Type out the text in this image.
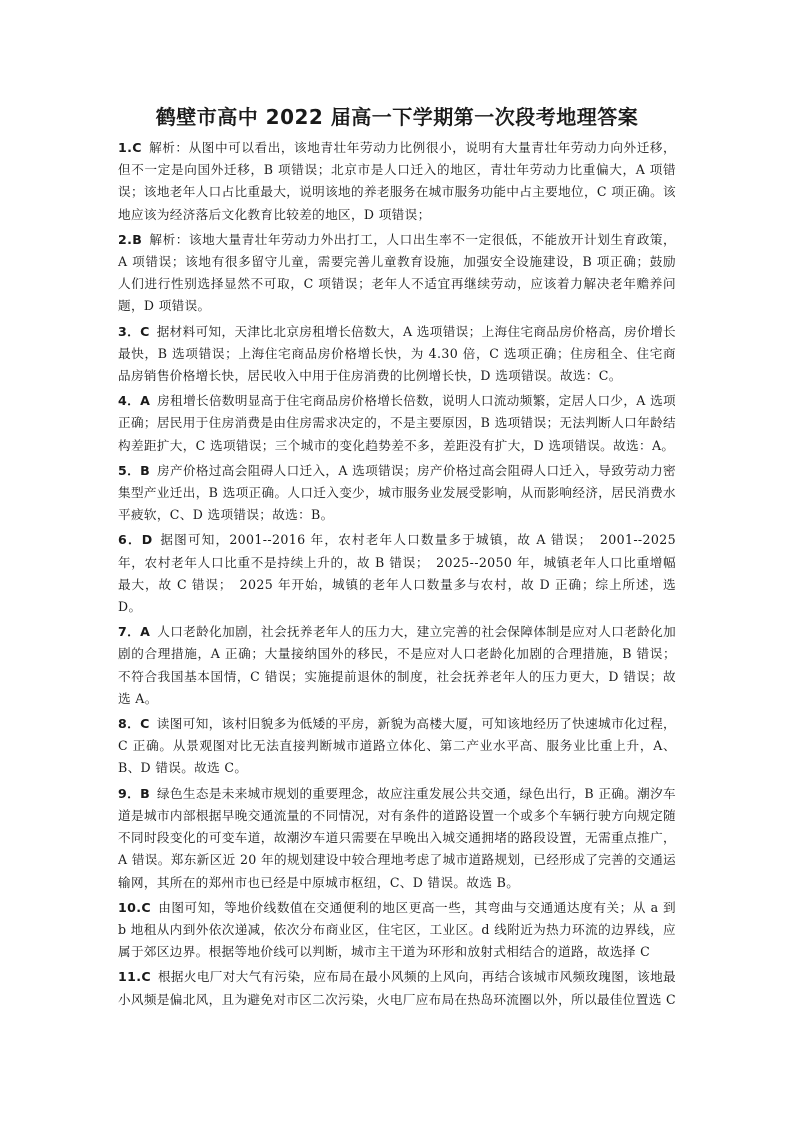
鹤壁市高中 2022 届高一下学期第一次段考地理答案

1.C 解析：从图中可以看出，该地青壮年劳动力比例很小，说明有大量青壮年劳动力向外迁移，但不一定是向国外迁移，B 项错误；北京市是人口迁入的地区，青壮年劳动力比重偏大，A 项错误；该地老年人口占比重最大，说明该地的养老服务在城市服务功能中占主要地位，C 项正确。该地应该为经济落后文化教育比较差的地区，D 项错误；

2.B 解析：该地大量青壮年劳动力外出打工，人口出生率不一定很低，不能放开计划生育政策，A 项错误；该地有很多留守儿童，需要完善儿童教育设施，加强安全设施建设，B 项正确；鼓励人们进行性别选择显然不可取，C 项错误；老年人不适宜再继续劳动，应该着力解决老年赡养问题，D 项错误。

3．C 据材料可知，天津比北京房租增长倍数大，A 选项错误；上海住宅商品房价格高，房价增长最快，B 选项错误；上海住宅商品房价格增长快，为 4.30 倍，C 选项正确；住房租全、住宅商品房销售价格增长快，居民收入中用于住房消费的比例增长快，D 选项错误。故选：C。

4．A 房租增长倍数明显高于住宅商品房价格增长倍数，说明人口流动频繁，定居人口少，A 选项正确；居民用于住房消费是由住房需求决定的，不是主要原因，B 选项错误；无法判断人口年龄结构差距扩大，C 选项错误；三个城市的变化趋势差不多，差距没有扩大，D 选项错误。故选：A。

5．B 房产价格过高会阻碍人口迁入，A 选项错误；房产价格过高会阻碍人口迁入，导致劳动力密集型产业迁出，B 选项正确。人口迁入变少，城市服务业发展受影响，从而影响经济，居民消费水平疲软，C、D 选项错误；故选：B。

6．D 据图可知，2001--2016 年，农村老年人口数量多于城镇，故 A 错误；　2001--2025 年，农村老年人口比重不是持续上升的，故 B 错误；　2025--2050 年，城镇老年人口比重增幅最大，故 C 错误；　2025 年开始，城镇的老年人口数量多与农村，故 D 正确；综上所述，选 D。

7．A 人口老龄化加剧，社会抚养老年人的压力大，建立完善的社会保障体制是应对人口老龄化加剧的合理措施，A 正确；大量接纳国外的移民，不是应对人口老龄化加剧的合理措施，B 错误；不符合我国基本国情，C 错误；实施提前退休的制度，社会抚养老年人的压力更大，D 错误；故选 A。

8．C 读图可知，该村旧貌多为低矮的平房，新貌为高楼大厦，可知该地经历了快速城市化过程，C 正确。从景观图对比无法直接判断城市道路立体化、第二产业水平高、服务业比重上升，A、B、D 错误。故选 C。

9．B 绿色生态是未来城市规划的重要理念，故应注重发展公共交通，绿色出行，B 正确。潮汐车道是城市内部根据早晚交通流量的不同情况，对有条件的道路设置一个或多个车辆行驶方向规定随不同时段变化的可变车道，故潮汐车道只需要在早晚出入城交通拥堵的路段设置，无需重点推广，A 错误。郑东新区近 20 年的规划建设中较合理地考虑了城市道路规划，已经形成了完善的交通运输网，其所在的郑州市也已经是中原城市枢纽，C、D 错误。故选 B。

10.C 由图可知，等地价线数值在交通便利的地区更高一些，其弯曲与交通通达度有关；从 a 到 b 地租从内到外依次递减，依次分布商业区，住宅区，工业区。d 线附近为热力环流的边界线，应属于郊区边界。根据等地价线可以判断，城市主干道为环形和放射式相结合的道路，故选择 C

11.C 根据火电厂对大气有污染，应布局在最小风频的上风向，再结合该城市风频玫瑰图，该地最小风频是偏北风，且为避免对市区二次污染，火电厂应布局在热岛环流圈以外，所以最佳位置选 C
